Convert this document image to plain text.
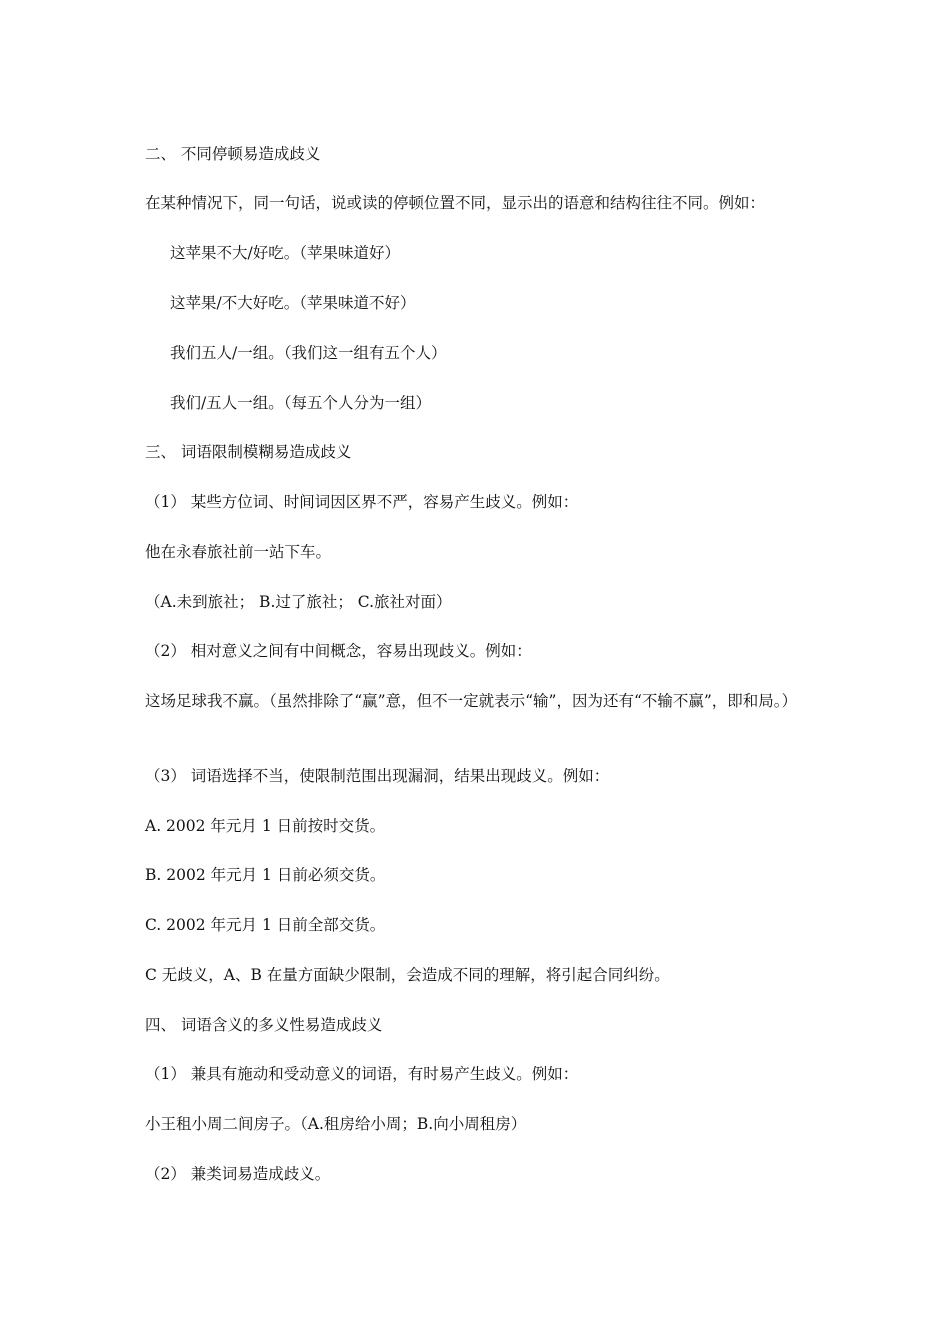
二、 不同停顿易造成歧义

在某种情况下，同一句话，说或读的停顿位置不同，显示出的语意和结构往往不同。例如：

这苹果不大/好吃。（苹果味道好）

这苹果/不大好吃。（苹果味道不好）

我们五人/一组。（我们这一组有五个人）

我们/五人一组。（每五个人分为一组）

三、 词语限制模糊易造成歧义

（1） 某些方位词、时间词因区界不严，容易产生歧义。例如：

他在永春旅社前一站下车。

（A.未到旅社； B.过了旅社； C.旅社对面）

（2） 相对意义之间有中间概念，容易出现歧义。例如：

这场足球我不赢。（虽然排除了“赢”意，但不一定就表示“输”，因为还有“不输不赢”，即和局。）

（3） 词语选择不当，使限制范围出现漏洞，结果出现歧义。例如：

A. 2002 年元月 1 日前按时交货。

B. 2002 年元月 1 日前必须交货。

C. 2002 年元月 1 日前全部交货。

C 无歧义，A、B 在量方面缺少限制，会造成不同的理解，将引起合同纠纷。

四、 词语含义的多义性易造成歧义

（1） 兼具有施动和受动意义的词语，有时易产生歧义。例如：

小王租小周二间房子。（A.租房给小周；B.向小周租房）

（2） 兼类词易造成歧义。
